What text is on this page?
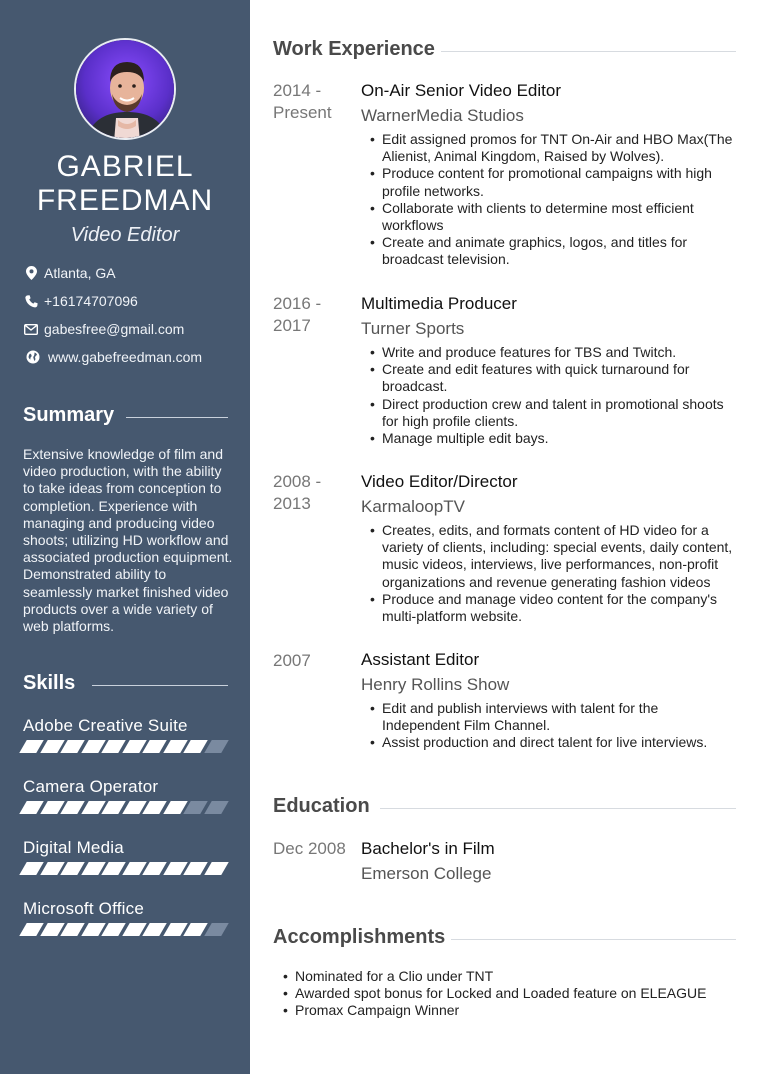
GABRIEL
FREEDMAN
Video Editor
Atlanta, GA
+16174707096
gabesfree@gmail.com
www.gabefreedman.com
Summary

Extensive knowledge of film and video production, with the ability to take ideas from conception to completion. Experience with managing and producing video shoots; utilizing HD workflow and associated production equipment. Demonstrated ability to seamlessly market finished video products over a wide variety of web platforms.

Skills
Adobe Creative Suite
Camera Operator
Digital Media
Microsoft Office
Work Experience
2014 -
Present
On-Air Senior Video Editor
WarnerMedia Studios
• Edit assigned promos for TNT On-Air and HBO Max(The Alienist, Animal Kingdom, Raised by Wolves).
• Produce content for promotional campaigns with high profile networks.
• Collaborate with clients to determine most efficient workflows
• Create and animate graphics, logos, and titles for broadcast television.
2016 -
2017
Multimedia Producer
Turner Sports
• Write and produce features for TBS and Twitch.
• Create and edit features with quick turnaround for broadcast.
• Direct production crew and talent in promotional shoots for high profile clients.
• Manage multiple edit bays.
2008 -
2013
Video Editor/Director
KarmaloopTV
• Creates, edits, and formats content of HD video for a variety of clients, including: special events, daily content, music videos, interviews, live performances, non-profit organizations and revenue generating fashion videos
• Produce and manage video content for the company's multi-platform website.
2007	Assistant Editor
Henry Rollins Show
• Edit and publish interviews with talent for the Independent Film Channel.
• Assist production and direct talent for live interviews.
Education
Dec 2008 Bachelor's in Film
Emerson College
Accomplishments
• Nominated for a Clio under TNT
• Awarded spot bonus for Locked and Loaded feature on ELEAGUE
• Promax Campaign Winner
